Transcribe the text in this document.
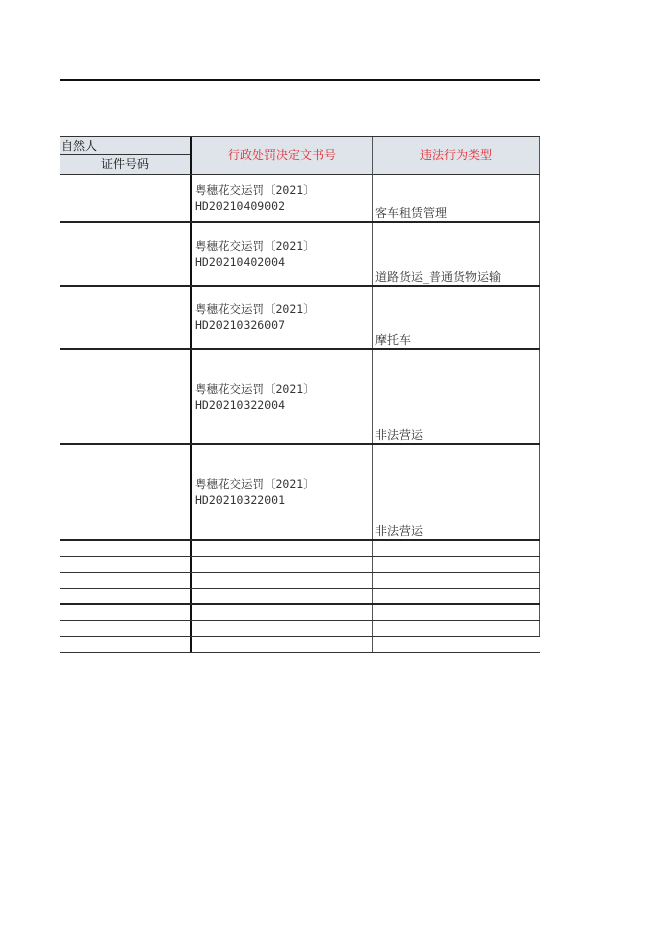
自然人
证件号码
行政处罚决定文书号	违法行为类型
粤穗花交运罚〔2021〕
HD20210409002	客车租赁管理
粤穗花交运罚〔2021〕
HD20210402004
道路货运_普通货物运输
粤穗花交运罚〔2021〕
HD20210326007
摩托车
粤穗花交运罚〔2021〕
HD20210322004
非法营运
粤穗花交运罚〔2021〕
HD20210322001
非法营运
